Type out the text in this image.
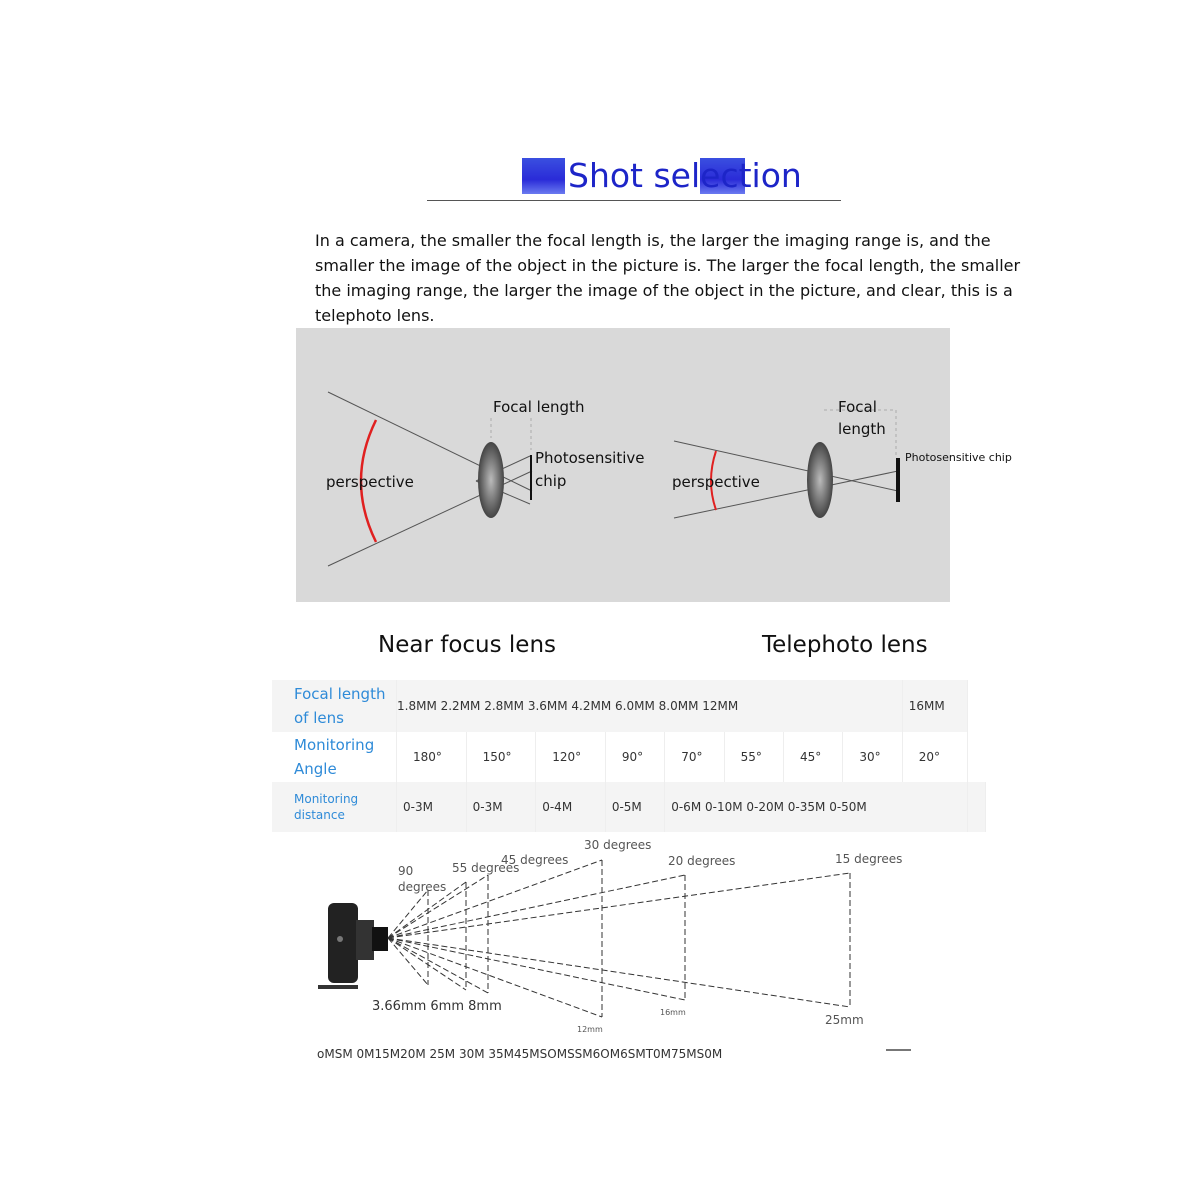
Shot selection
In a camera, the smaller the focal length is, the larger the imaging range is, and the smaller the image of the object in the picture is. The larger the focal length, the smaller the imaging range, the larger the image of the object in the picture, and clear, this is a telephoto lens.
Focal length
Photosensitive
chip
perspective
Focal
length
Photosensitive chip
perspective
Near focus lens	Telephoto lens
Focal length of lens	1.8MM 2.2MM 2.8MM 3.6MM 4.2MM 6.0MM 8.0MM 12MM								16MM	
Monitoring Angle	180°	150°	120°	90°	70°	55°	45°	30°	20°	
Monitoring distance	0-3M	0-3M	0-4M	0-5M	0-6M 0-10M 0-20M 0-35M 0-50M					
90
degrees
55 degrees
45 degrees
30 degrees
20 degrees	15 degrees
3.66mm 6mm 8mm
12mm
16mm
25mm
oMSM 0M15M20M 25M 30M 35M45MSOMSSM6OM6SMT0M75MS0M
